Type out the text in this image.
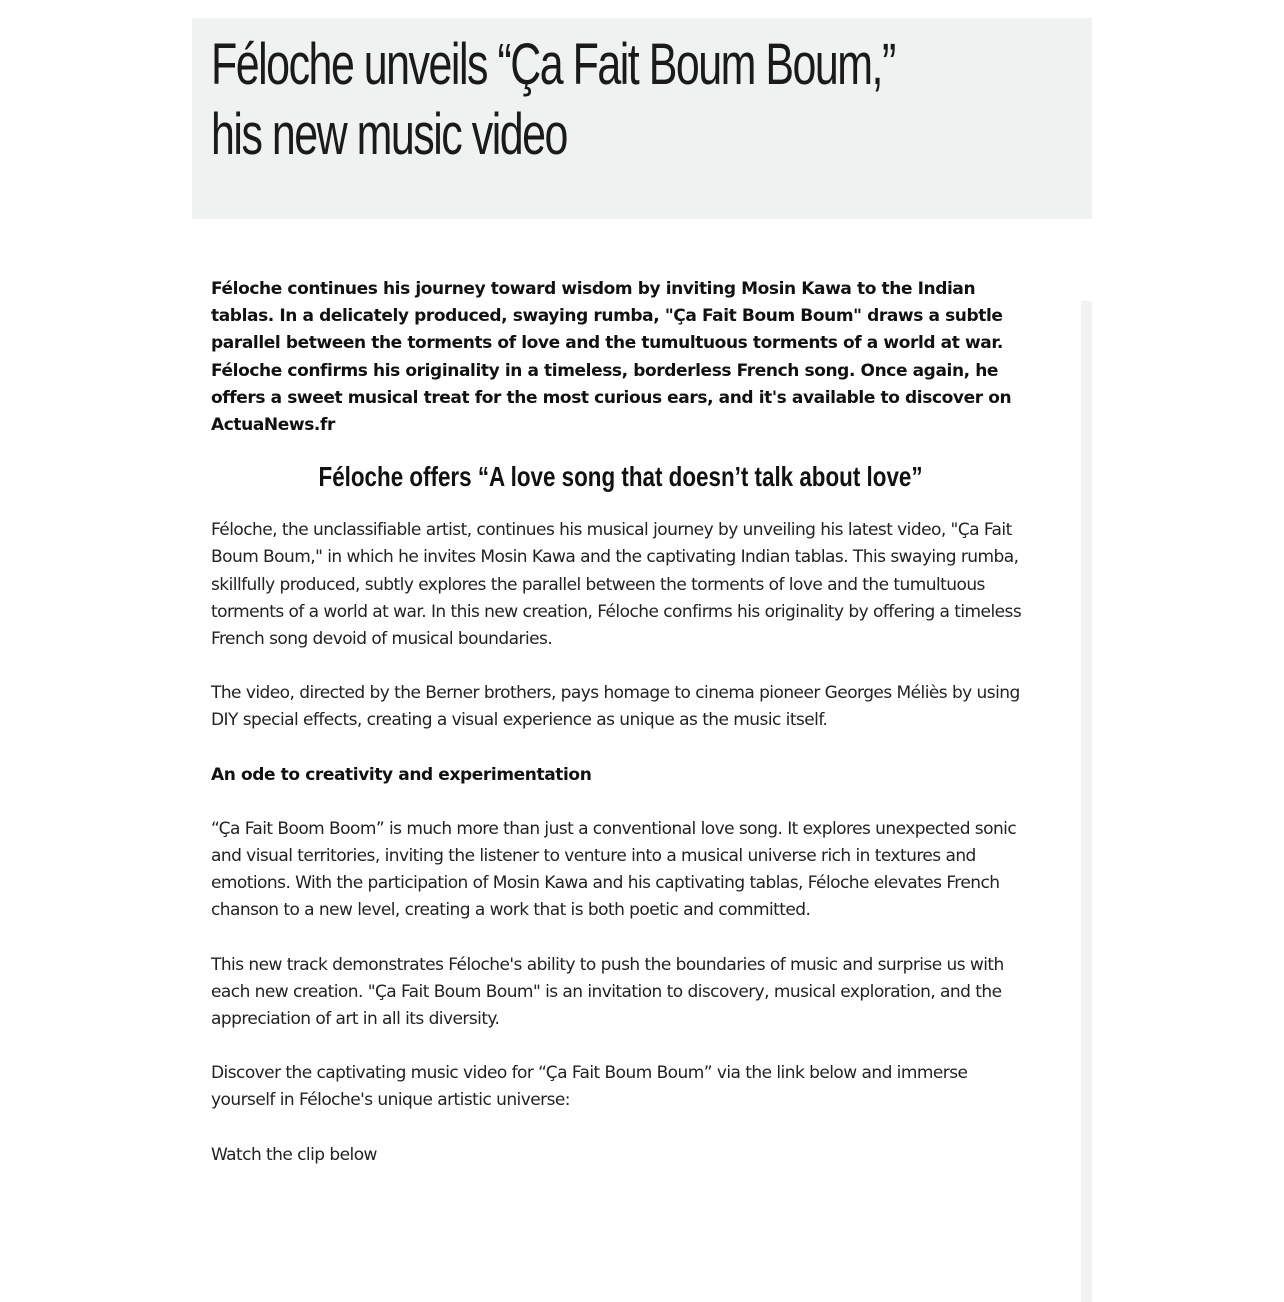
Féloche unveils “Ça Fait Boum Boum,”
his new music video

Féloche continues his journey toward wisdom by inviting Mosin Kawa to the Indian tablas. In a delicately produced, swaying rumba, "Ça Fait Boum Boum" draws a subtle parallel between the torments of love and the tumultuous torments of a world at war. Féloche confirms his originality in a timeless, borderless French song. Once again, he offers a sweet musical treat for the most curious ears, and it's available to discover on ActuaNews.fr

Féloche offers “A love song that doesn’t talk about love”

Féloche, the unclassifiable artist, continues his musical journey by unveiling his latest video, "Ça Fait Boum Boum," in which he invites Mosin Kawa and the captivating Indian tablas. This swaying rumba, skillfully produced, subtly explores the parallel between the torments of love and the tumultuous torments of a world at war. In this new creation, Féloche confirms his originality by offering a timeless French song devoid of musical boundaries.

The video, directed by the Berner brothers, pays homage to cinema pioneer Georges Méliès by using DIY special effects, creating a visual experience as unique as the music itself.

An ode to creativity and experimentation

“Ça Fait Boom Boom” is much more than just a conventional love song. It explores unexpected sonic and visual territories, inviting the listener to venture into a musical universe rich in textures and emotions. With the participation of Mosin Kawa and his captivating tablas, Féloche elevates French chanson to a new level, creating a work that is both poetic and committed.

This new track demonstrates Féloche's ability to push the boundaries of music and surprise us with each new creation. "Ça Fait Boum Boum" is an invitation to discovery, musical exploration, and the appreciation of art in all its diversity.

Discover the captivating music video for “Ça Fait Boum Boum” via the link below and immerse yourself in Féloche's unique artistic universe:

Watch the clip below
